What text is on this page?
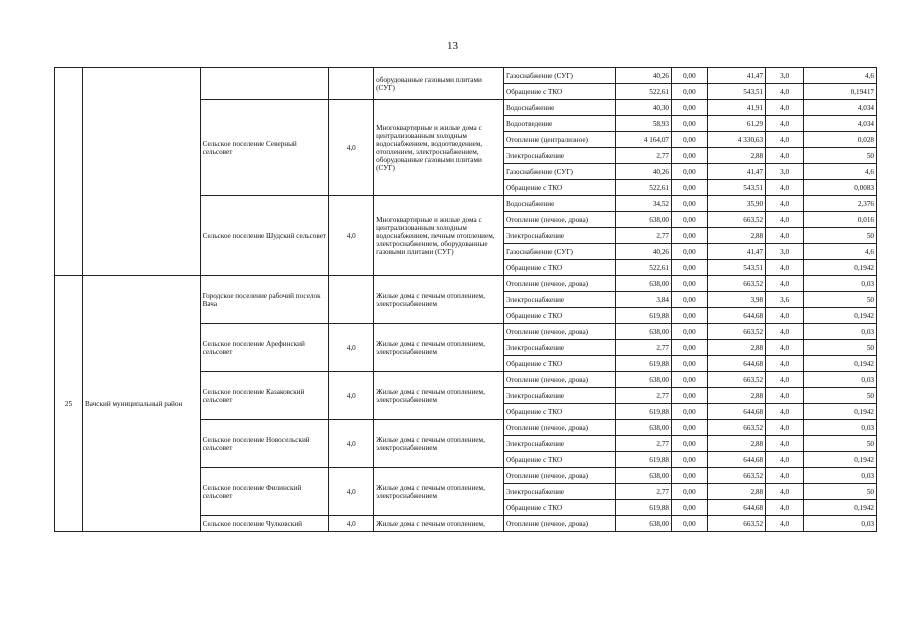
13
				оборудованные газовыми плитами (СУГ)	Газоснабжение (СУГ)	40,26	0,00	41,47	3,0	4,6
					Обращение с ТКО	522,61	0,00	543,51	4,0	0,19417
		Сельское поселение Северный сельсовет	4,0	Многоквартирные и жилые дома с централизованным холодным водоснабжением, водоотведением, отоплением, электроснабжением, оборудованные газовыми плитами (СУГ)	Водоснабжение	40,30	0,00	41,91	4,0	4,034
					Водоотведение	58,93	0,00	61,29	4,0	4,034
					Отопление (централизное)	4 164,07	0,00	4 330,63	4,0	0,028
					Электроснабжение	2,77	0,00	2,88	4,0	50
					Газоснабжение (СУГ)	40,26	0,00	41,47	3,0	4,6
					Обращение с ТКО	522,61	0,00	543,51	4,0	0,0083
		Сельское поселение Шудский сельсовет	4,0	Многоквартирные и жилые дома с централизованным холодным водоснабжением, печным отоплением, электроснабжением, оборудованные газовыми плитами (СУГ)	Водоснабжение	34,52	0,00	35,90	4,0	2,376
					Отопление (печное, дрова)	638,00	0,00	663,52	4,0	0,016
					Электроснабжение	2,77	0,00	2,88	4,0	50
					Газоснабжение (СУГ)	40,26	0,00	41,47	3,0	4,6
					Обращение с ТКО	522,61	0,00	543,51	4,0	0,1942
25	Вачский муниципальный район	Городское поселение рабочий поселок Вача		Жилые дома с печным отоплением, электроснабжением	Отопление (печное, дрова)	638,00	0,00	663,52	4,0	0,03
					Электроснабжение	3,84	0,00	3,98	3,6	50
					Обращение с ТКО	619,88	0,00	644,68	4,0	0,1942
		Сельское поселение Арефинский сельсовет	4,0	Жилые дома с печным отоплением, электроснабжением	Отопление (печное, дрова)	638,00	0,00	663,52	4,0	0,03
					Электроснабжение	2,77	0,00	2,88	4,0	50
					Обращение с ТКО	619,88	0,00	644,68	4,0	0,1942
		Сельское поселение Казаковский сельсовет	4,0	Жилые дома с печным отоплением, электроснабжением	Отопление (печное, дрова)	638,00	0,00	663,52	4,0	0,03
					Электроснабжение	2,77	0,00	2,88	4,0	50
					Обращение с ТКО	619,88	0,00	644,68	4,0	0,1942
		Сельское поселение Новосельский сельсовет	4,0	Жилые дома с печным отоплением, электроснабжением	Отопление (печное, дрова)	638,00	0,00	663,52	4,0	0,03
					Электроснабжение	2,77	0,00	2,88	4,0	50
					Обращение с ТКО	619,88	0,00	644,68	4,0	0,1942
		Сельское поселение Филинский сельсовет	4,0	Жилые дома с печным отоплением, электроснабжением	Отопление (печное, дрова)	638,00	0,00	663,52	4,0	0,03
					Электроснабжение	2,77	0,00	2,88	4,0	50
					Обращение с ТКО	619,88	0,00	644,68	4,0	0,1942
		Сельское поселение Чулковский	4,0	Жилые дома с печным отоплением,	Отопление (печное, дрова)	638,00	0,00	663,52	4,0	0,03
